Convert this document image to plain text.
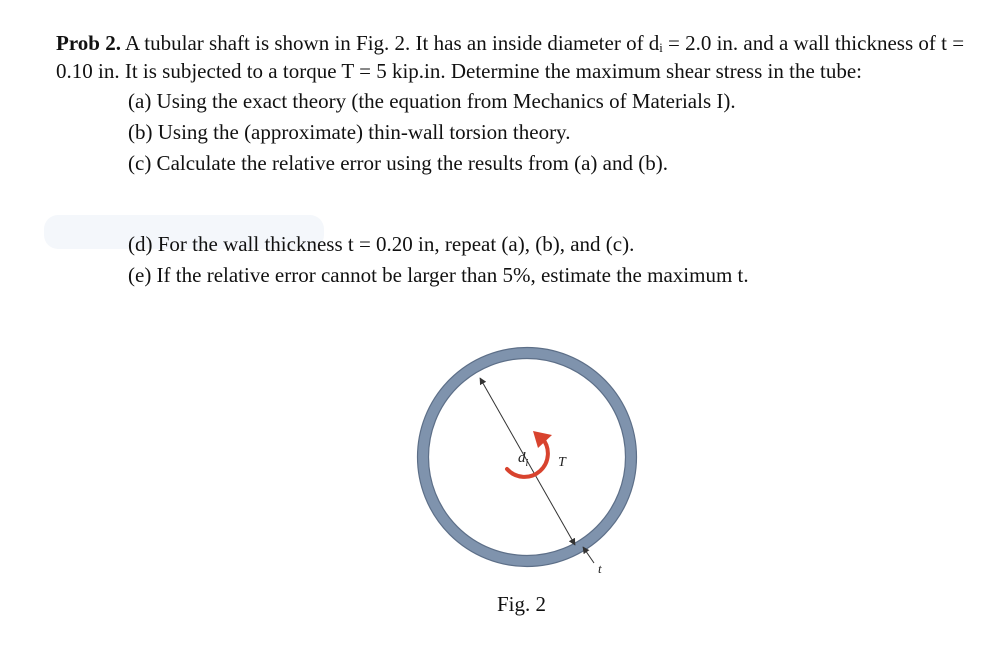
Prob 2. A tubular shaft is shown in Fig. 2. It has an inside diameter of dᵢ = 2.0 in. and a wall thickness of t = 0.10 in. It is subjected to a torque T = 5 kip.in. Determine the maximum shear stress in the tube:
(a) Using the exact theory (the equation from Mechanics of Materials I).
(b) Using the (approximate) thin-wall torsion theory.
(c) Calculate the relative error using the results from (a) and (b).
(d) For the wall thickness t = 0.20 in, repeat (a), (b), and (c).
(e) If the relative error cannot be larger than 5%, estimate the maximum t.
$d_i$ T
t
Fig. 2
